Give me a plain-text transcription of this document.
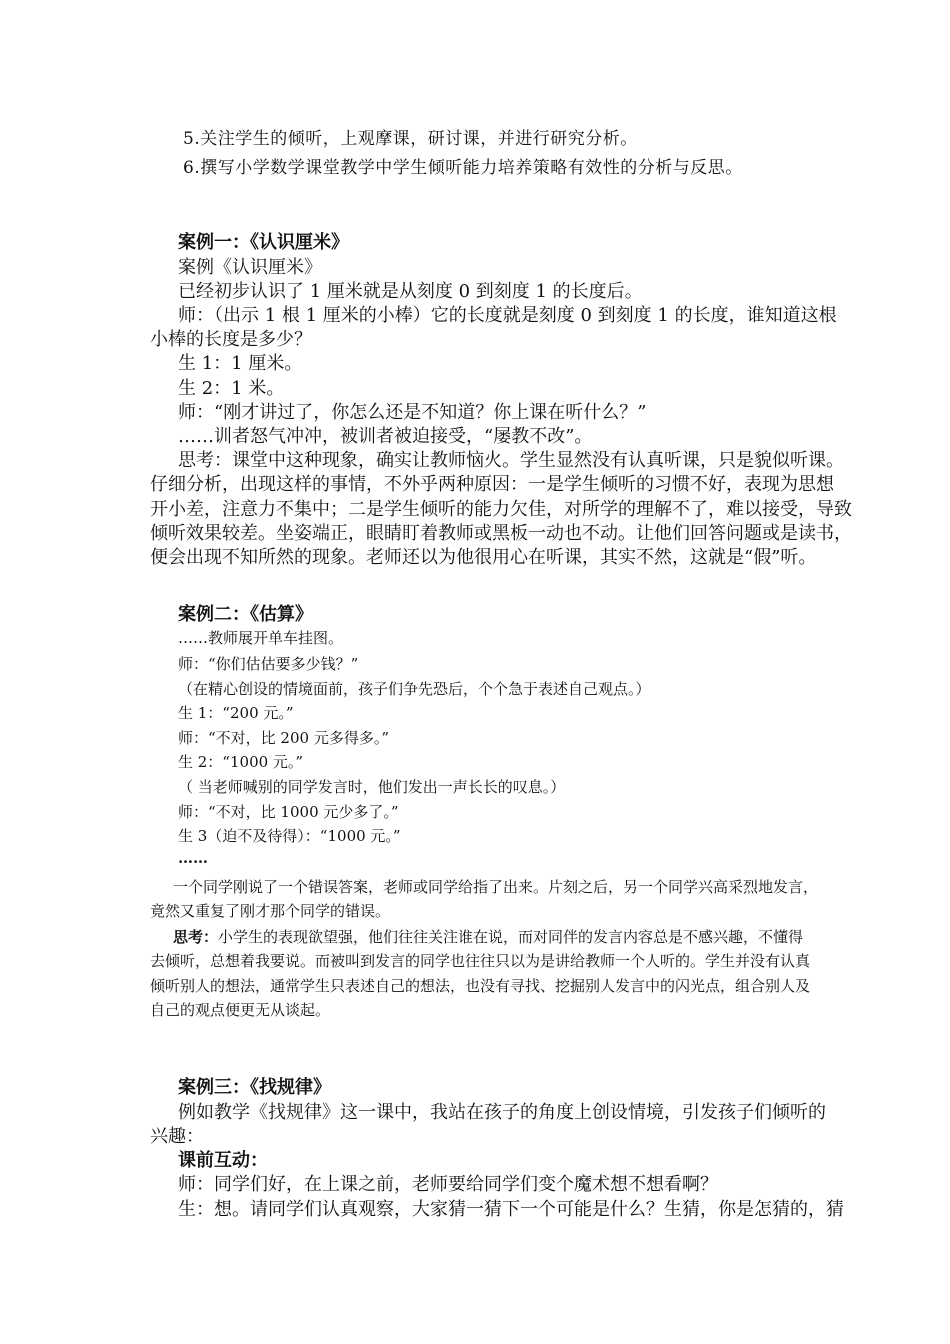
5.关注学生的倾听，上观摩课，研讨课，并进行研究分析。
6.撰写小学数学课堂教学中学生倾听能力培养策略有效性的分析与反思。
案例一：《认识厘米》
案例《认识厘米》
已经初步认识了 1 厘米就是从刻度 0 到刻度 1 的长度后。
师：（出示 1 根 1 厘米的小棒）它的长度就是刻度 0 到刻度 1 的长度，谁知道这根
小棒的长度是多少？
生 1：1 厘米。
生 2：1 米。
师：“刚才讲过了，你怎么还是不知道？你上课在听什么？”
……训者怒气冲冲，被训者被迫接受，“屡教不改”。
思考：课堂中这种现象，确实让教师恼火。学生显然没有认真听课，只是貌似听课。
仔细分析，出现这样的事情，不外乎两种原因：一是学生倾听的习惯不好，表现为思想
开小差，注意力不集中；二是学生倾听的能力欠佳，对所学的理解不了，难以接受，导致
倾听效果较差。坐姿端正，眼睛盯着教师或黑板一动也不动。让他们回答问题或是读书，
便会出现不知所然的现象。老师还以为他很用心在听课，其实不然，这就是“假”听。
案例二：《估算》
……教师展开单车挂图。
师：“你们估估要多少钱？”
（在精心创设的情境面前，孩子们争先恐后，个个急于表述自己观点。）
生 1：“200 元。”
师：“不对，比 200 元多得多。”
生 2：“1000 元。”
（ 当老师喊别的同学发言时，他们发出一声长长的叹息。）
师：“不对，比 1000 元少多了。”
生 3（迫不及待得）：“1000 元。”
……
一个同学刚说了一个错误答案，老师或同学给指了出来。片刻之后，另一个同学兴高采烈地发言，
竟然又重复了刚才那个同学的错误。
思考：小学生的表现欲望强，他们往往关注谁在说，而对同伴的发言内容总是不感兴趣，不懂得
去倾听，总想着我要说。而被叫到发言的同学也往往只以为是讲给教师一个人听的。学生并没有认真
倾听别人的想法，通常学生只表述自己的想法，也没有寻找、挖掘别人发言中的闪光点，组合别人及
自己的观点便更无从谈起。
案例三：《找规律》
例如教学《找规律》这一课中，我站在孩子的角度上创设情境，引发孩子们倾听的
兴趣：
课前互动：
师：同学们好，在上课之前，老师要给同学们变个魔术想不想看啊？
生：想。请同学们认真观察，大家猜一猜下一个可能是什么？生猜，你是怎猜的，猜
